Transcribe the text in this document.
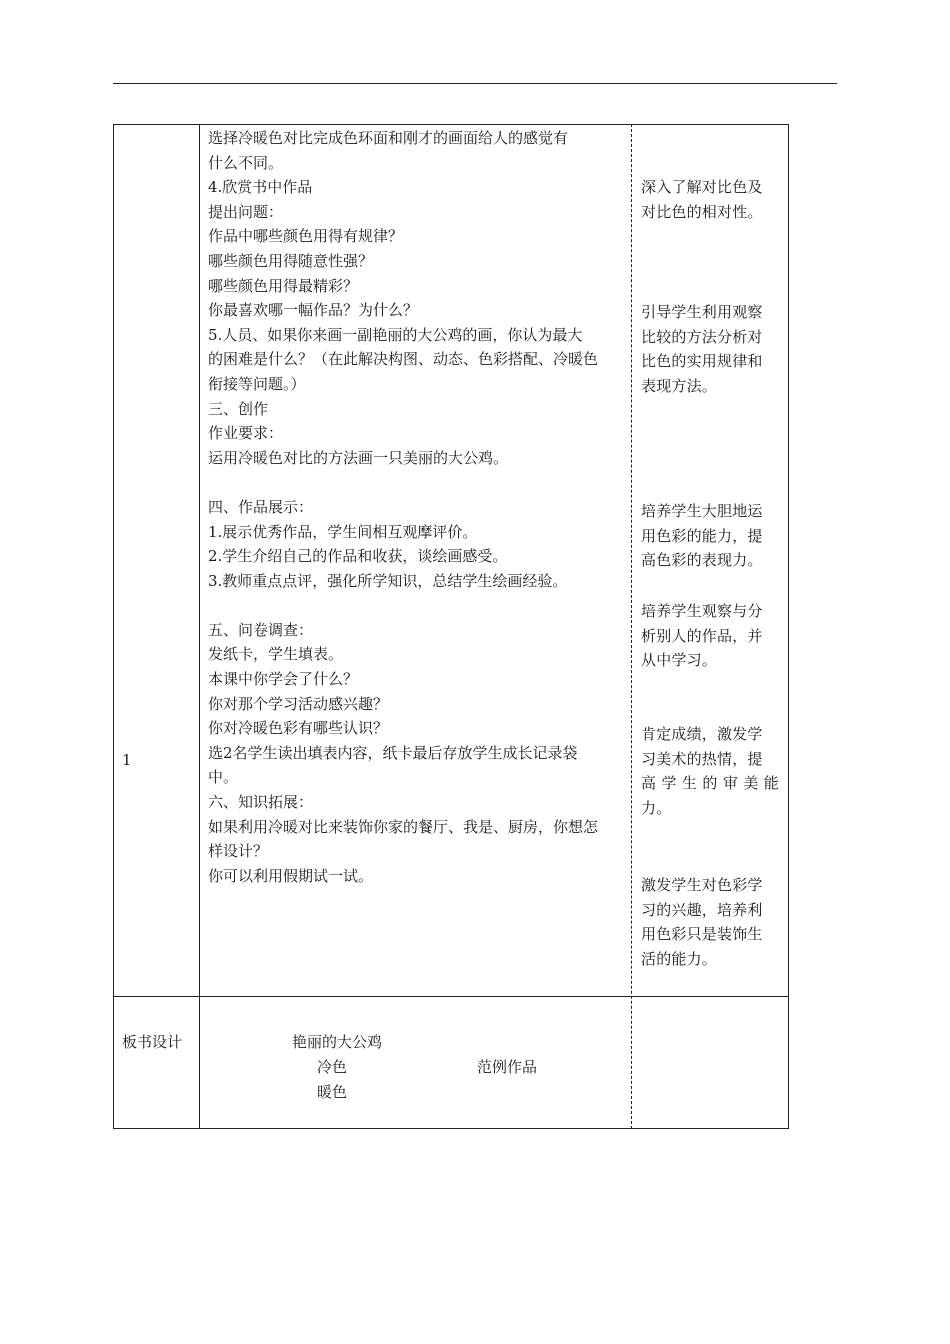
1
选择冷暖色对比完成色环面和刚才的画面给人的感觉有
什么不同。
4.欣赏书中作品
提出问题：
作品中哪些颜色用得有规律？
哪些颜色用得随意性强？
哪些颜色用得最精彩？
你最喜欢哪一幅作品？为什么？
5.人员、如果你来画一副艳丽的大公鸡的画，你认为最大
的困难是什么？（在此解决构图、动态、色彩搭配、冷暖色
衔接等问题。）
三、创作
作业要求：
运用冷暖色对比的方法画一只美丽的大公鸡。
四、作品展示：
1.展示优秀作品，学生间相互观摩评价。
2.学生介绍自己的作品和收获，谈绘画感受。
3.教师重点点评，强化所学知识，总结学生绘画经验。
五、问卷调查：
发纸卡，学生填表。
本课中你学会了什么？
你对那个学习活动感兴趣？
你对冷暖色彩有哪些认识？
选2名学生读出填表内容，纸卡最后存放学生成长记录袋
中。
六、知识拓展：
如果利用冷暖对比来装饰你家的餐厅、我是、厨房，你想怎
样设计？
你可以利用假期试一试。
深入了解对比色及
对比色的相对性。
引导学生利用观察
比较的方法分析对
比色的实用规律和
表现方法。
培养学生大胆地运
用色彩的能力，提
高色彩的表现力。
培养学生观察与分
析别人的作品，并
从中学习。
肯定成绩，激发学
习美术的热情，提
高学生的审美能
力。
激发学生对色彩学
习的兴趣，培养利
用色彩只是装饰生
活的能力。
板书设计	艳丽的大公鸡
冷色	范例作品
暖色
